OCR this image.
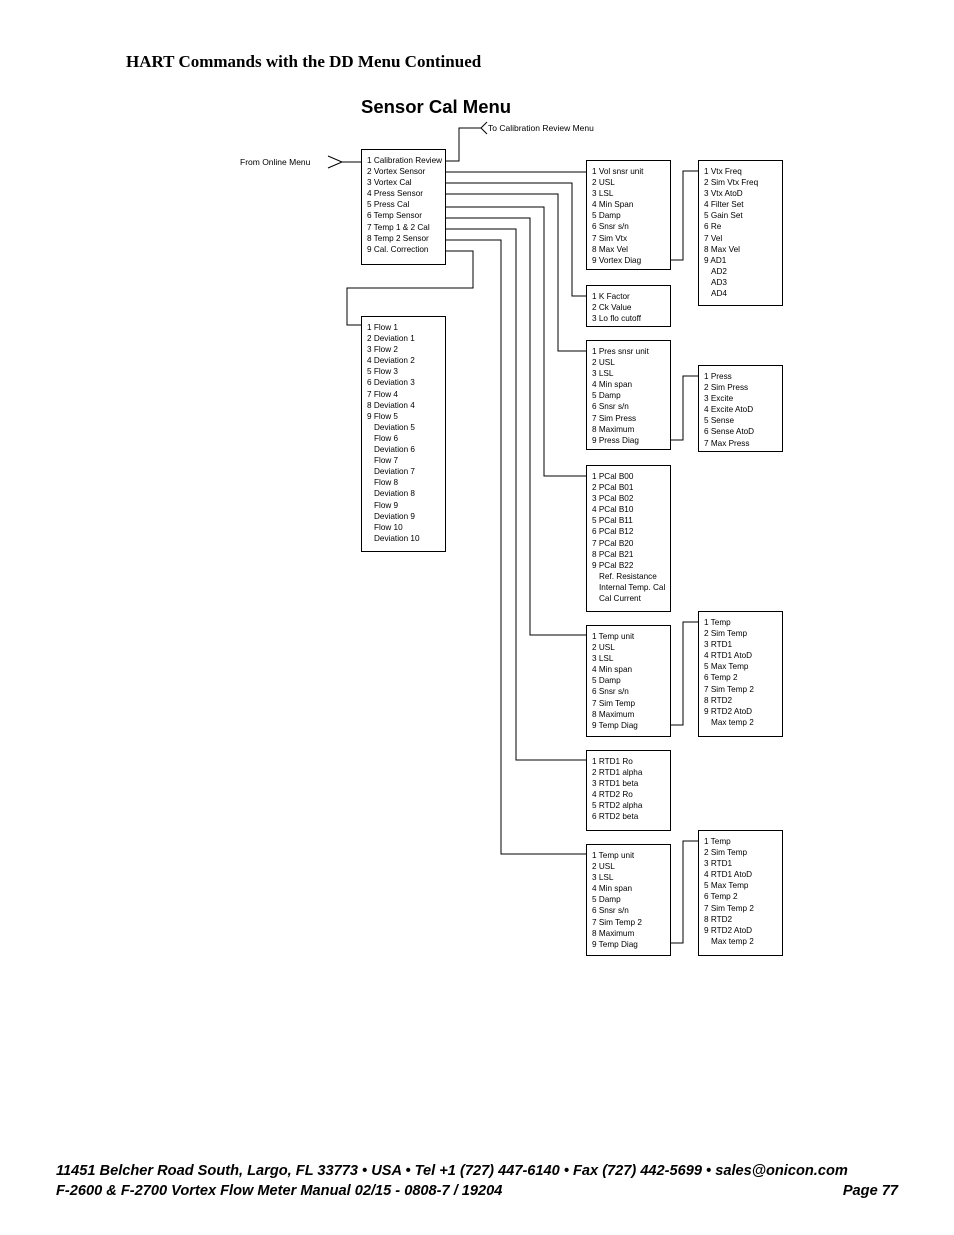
HART Commands with the DD Menu Continued
Sensor Cal Menu
To Calibration Review Menu
From Online Menu	1 Calibration Review
2 Vortex Sensor
3 Vortex Cal
4 Press Sensor
5 Press Cal
6 Temp Sensor
7 Temp 1 & 2 Cal
8 Temp 2 Sensor
9 Cal. Correction
1 Flow 1
2 Deviation 1
3 Flow 2
4 Deviation 2
5 Flow 3
6 Deviation 3
7 Flow 4
8 Deviation 4
9 Flow 5
Deviation 5
Flow 6
Deviation 6
Flow 7
Deviation 7
Flow 8
Deviation 8
Flow 9
Deviation 9
Flow 10
Deviation 10
1 Vol snsr unit
2 USL
3 LSL
4 Min Span
5 Damp
6 Snsr s/n
7 Sim Vtx
8 Max Vel
9 Vortex Diag
1 Vtx Freq
2 Sim Vtx Freq
3 Vtx AtoD
4 Filter Set
5 Gain Set
6 Re
7 Vel
8 Max Vel
9 AD1
AD2
AD3
AD4
1 K Factor
2 Ck Value
3 Lo flo cutoff
1 Pres snsr unit
2 USL
3 LSL
4 Min span
5 Damp
6 Snsr s/n
7 Sim Press
8 Maximum
9 Press Diag
1 Press
2 Sim Press
3 Excite
4 Excite AtoD
5 Sense
6 Sense AtoD
7 Max Press
1 PCal B00
2 PCal B01
3 PCal B02
4 PCal B10
5 PCal B11
6 PCal B12
7 PCal B20
8 PCal B21
9 PCal B22
Ref. Resistance
Internal Temp. Cal
Cal Current
1 Temp unit
2 USL
3 LSL
4 Min span
5 Damp
6 Snsr s/n
7 Sim Temp
8 Maximum
9 Temp Diag
1 Temp
2 Sim Temp
3 RTD1
4 RTD1 AtoD
5 Max Temp
6 Temp 2
7 Sim Temp 2
8 RTD2
9 RTD2 AtoD
Max temp 2
1 RTD1 Ro
2 RTD1 alpha
3 RTD1 beta
4 RTD2 Ro
5 RTD2 alpha
6 RTD2 beta
1 Temp unit
2 USL
3 LSL
4 Min span
5 Damp
6 Snsr s/n
7 Sim Temp 2
8 Maximum
9 Temp Diag
1 Temp
2 Sim Temp
3 RTD1
4 RTD1 AtoD
5 Max Temp
6 Temp 2
7 Sim Temp 2
8 RTD2
9 RTD2 AtoD
Max temp 2
11451 Belcher Road South, Largo, FL 33773 • USA • Tel +1 (727) 447-6140 • Fax (727) 442-5699 • sales@onicon.com
F-2600 & F-2700 Vortex Flow Meter Manual 02/15 - 0808-7 / 19204	Page 77
